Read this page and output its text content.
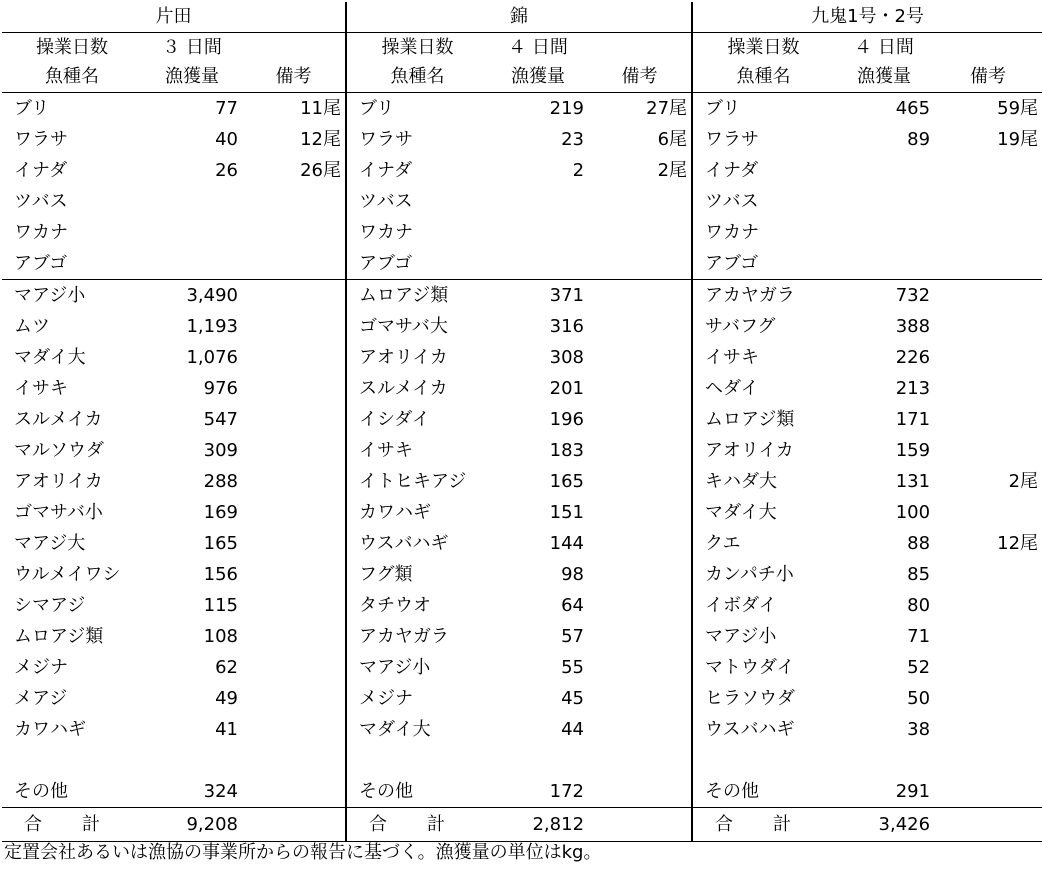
片田			錦			九鬼1号・2号		
操業日数	３ 日間		操業日数	４ 日間		操業日数	４ 日間	
魚種名	漁獲量	備考	魚種名	漁獲量	備考	魚種名	漁獲量	備考
ブリ	77	11尾	ブリ	219	27尾	ブリ	465	59尾
ワラサ	40	12尾	ワラサ	23	6尾	ワラサ	89	19尾
イナダ	26	26尾	イナダ	2	2尾	イナダ		
ツバス			ツバス			ツバス		
ワカナ			ワカナ			ワカナ		
アブゴ			アブゴ			アブゴ		
マアジ小	3,490		ムロアジ類	371		アカヤガラ	732	
ムツ	1,193		ゴマサバ大	316		サバフグ	388	
マダイ大	1,076		アオリイカ	308		イサキ	226	
イサキ	976		スルメイカ	201		ヘダイ	213	
スルメイカ	547		イシダイ	196		ムロアジ類	171	
マルソウダ	309		イサキ	183		アオリイカ	159	
アオリイカ	288		イトヒキアジ	165		キハダ大	131	2尾
ゴマサバ小	169		カワハギ	151		マダイ大	100	
マアジ大	165		ウスバハギ	144		クエ	88	12尾
ウルメイワシ	156		フグ類	98		カンパチ小	85	
シマアジ	115		タチウオ	64		イボダイ	80	
ムロアジ類	108		アカヤガラ	57		マアジ小	71	
メジナ	62		マアジ小	55		マトウダイ	52	
メアジ	49		メジナ	45		ヒラソウダ	50	
カワハギ	41		マダイ大	44		ウスバハギ	38	

その他	324		その他	172		その他	291	
合 計	9,208		合 計	2,812		合 計	3,426	
定置会社あるいは漁協の事業所からの報告に基づく。漁獲量の単位はkg。
